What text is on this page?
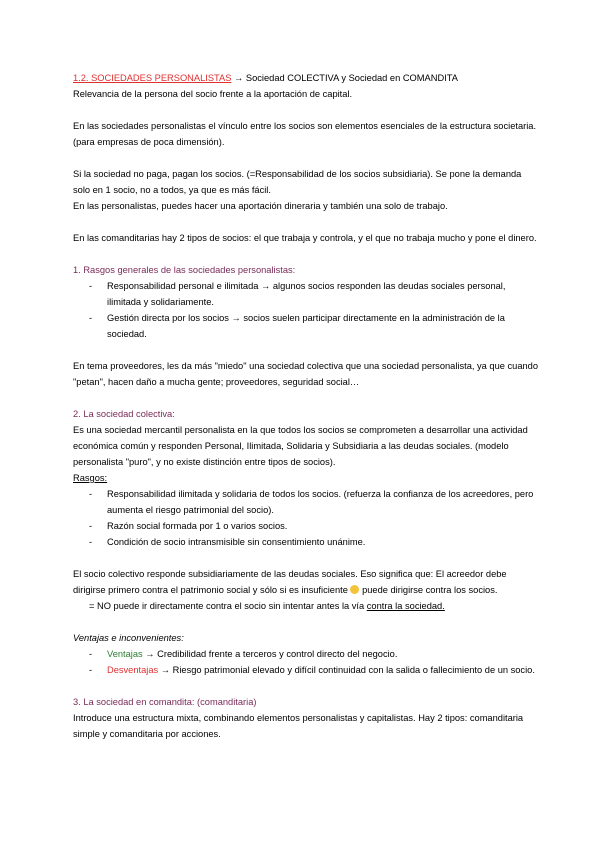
1.2. SOCIEDADES PERSONALISTAS → Sociedad COLECTIVA y Sociedad en COMANDITA

Relevancia de la persona del socio frente a la aportación de capital.

En las sociedades personalistas el vínculo entre los socios son elementos esenciales de la estructura societaria. (para empresas de poca dimensión).

Si la sociedad no paga, pagan los socios. (=Responsabilidad de los socios subsidiaria). Se pone la demanda solo en 1 socio, no a todos, ya que es más fácil.

En las personalistas, puedes hacer una aportación dineraria y también una solo de trabajo.

En las comanditarias hay 2 tipos de socios: el que trabaja y controla, y el que no trabaja mucho y pone el dinero.

1. Rasgos generales de las sociedades personalistas:

- Responsabilidad personal e ilimitada → algunos socios responden las deudas sociales personal, ilimitada y solidariamente.
- Gestión directa por los socios → socios suelen participar directamente en la administración de la sociedad.

En tema proveedores, les da más "miedo" una sociedad colectiva que una sociedad personalista, ya que cuando "petan", hacen daño a mucha gente; proveedores, seguridad social…

2. La sociedad colectiva:

Es una sociedad mercantil personalista en la que todos los socios se comprometen a desarrollar una actividad económica común y responden Personal, Ilimitada, Solidaria y Subsidiaria a las deudas sociales. (modelo personalista "puro", y no existe distinción entre tipos de socios).

Rasgos:

- Responsabilidad ilimitada y solidaria de todos los socios. (refuerza la confianza de los acreedores, pero aumenta el riesgo patrimonial del socio).
- Razón social formada por 1 o varios socios.
- Condición de socio intransmisible sin consentimiento unánime.

El socio colectivo responde subsidiariamente de las deudas sociales. Eso significa que: El acreedor debe dirigirse primero contra el patrimonio social y sólo si es insuficiente  puede dirigirse contra los socios.

= NO puede ir directamente contra el socio sin intentar antes la vía contra la sociedad.

Ventajas e inconvenientes:

- Ventajas → Credibilidad frente a terceros y control directo del negocio.
- Desventajas → Riesgo patrimonial elevado y difícil continuidad con la salida o fallecimiento de un socio.

3. La sociedad en comandita: (comanditaria)

Introduce una estructura mixta, combinando elementos personalistas y capitalistas. Hay 2 tipos: comanditaria simple y comanditaria por acciones.
